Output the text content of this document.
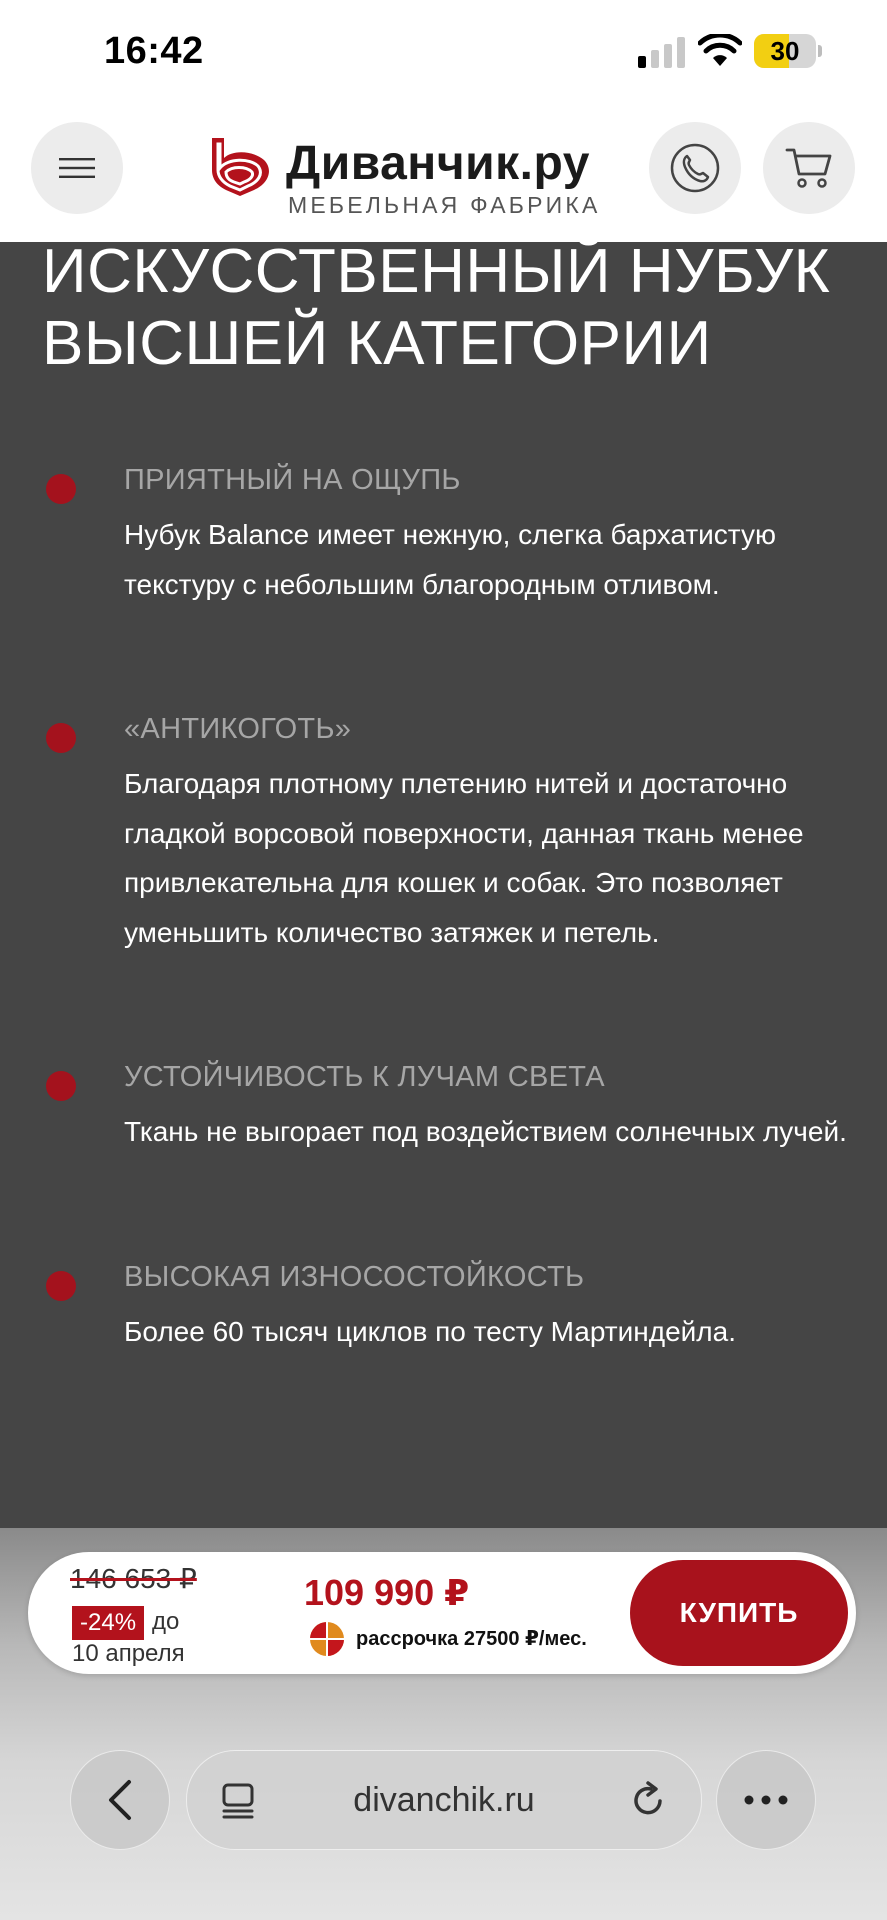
16:42	30
Диванчик.ру
МЕБЕЛЬНАЯ ФАБРИКА
ИСКУССТВЕННЫЙ НУБУК ВЫСШЕЙ КАТЕГОРИИ
ПРИЯТНЫЙ НА ОЩУПЬ
Нубук Balance имеет нежную, слегка бархатистую текстуру с небольшим благородным отливом.
«АНТИКОГОТЬ»
Благодаря плотному плетению нитей и достаточно гладкой ворсовой поверхности, данная ткань менее привлекательна для кошек и собак. Это позволяет уменьшить количество затяжек и петель.
УСТОЙЧИВОСТЬ К ЛУЧАМ СВЕТА
Ткань не выгорает под воздействием солнечных лучей.
ВЫСОКАЯ ИЗНОСОСТОЙКОСТЬ
Более 60 тысяч циклов по тесту Мартиндейла.
146 653 ₽
-24% до
10 апреля
109 990 ₽
рассрочка 27500 ₽/мес.
КУПИТЬ
divanchik.ru
